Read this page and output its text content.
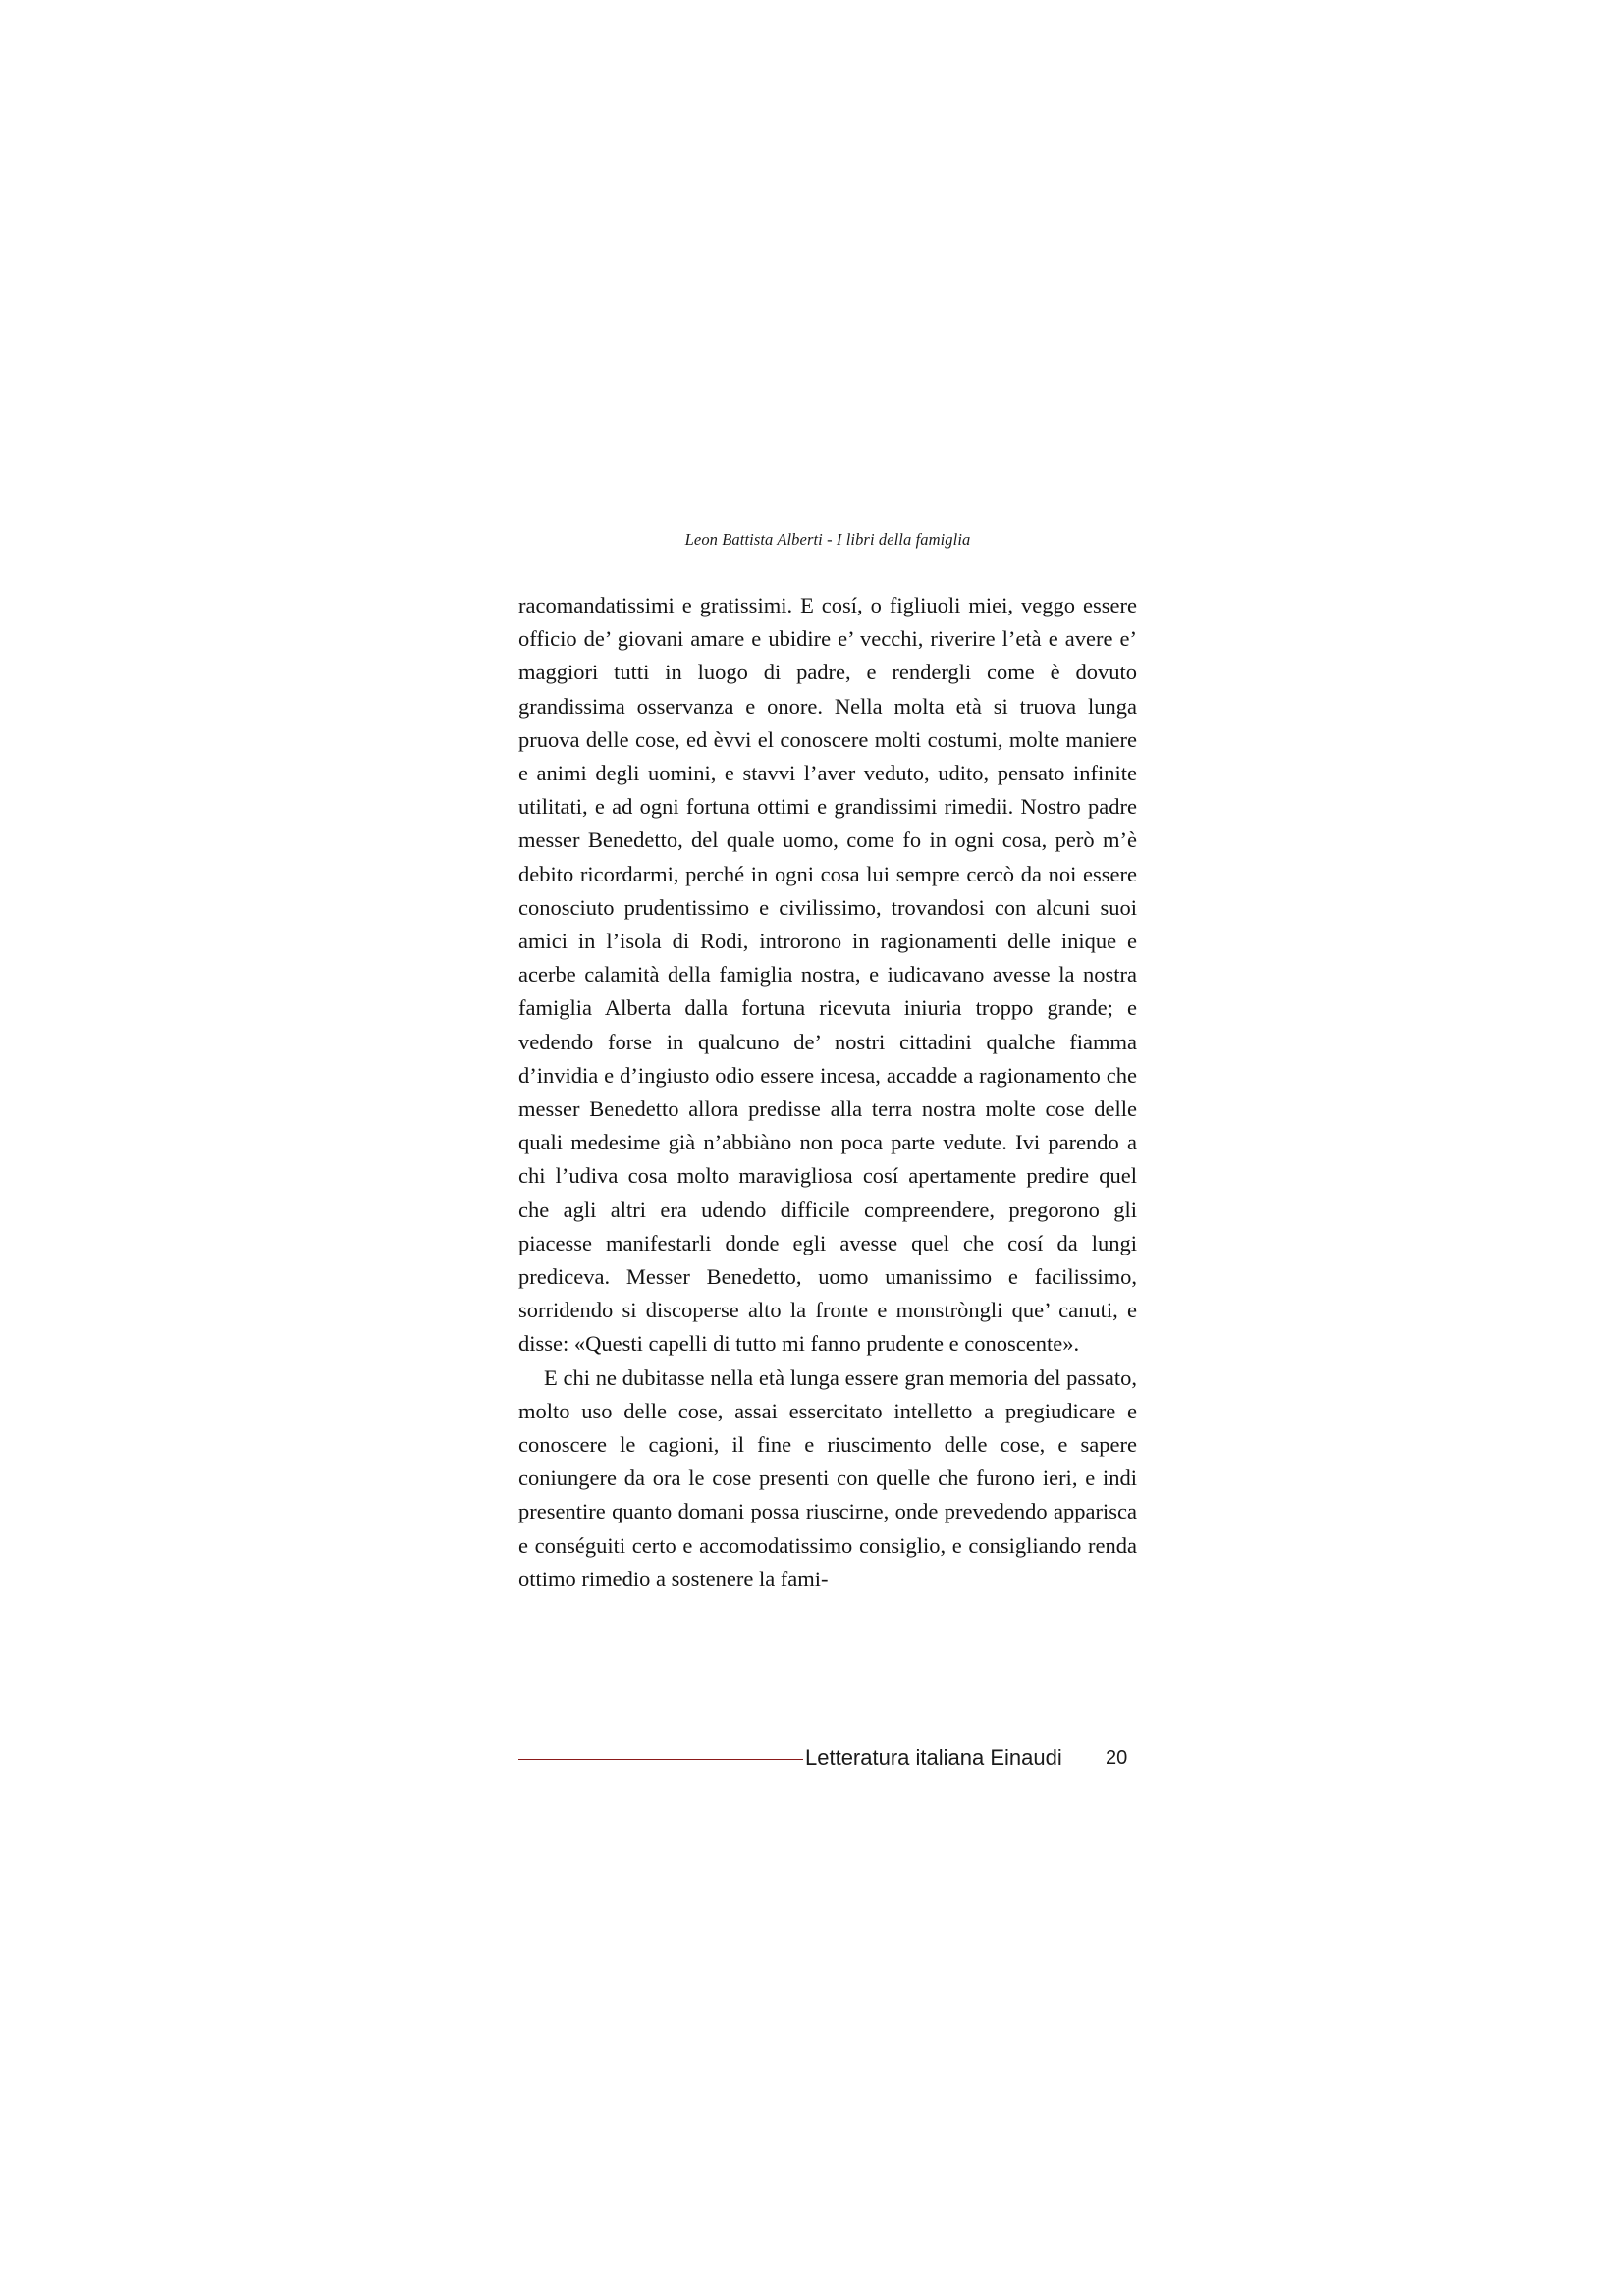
Leon Battista Alberti - I libri della famiglia

racomandatissimi e gratissimi. E cosí, o figliuoli miei, veggo essere officio de’ giovani amare e ubidire e’ vecchi, riverire l’età e avere e’ maggiori tutti in luogo di padre, e rendergli come è dovuto grandissima osservanza e onore. Nella molta età si truova lunga pruova delle cose, ed èvvi el conoscere molti costumi, molte maniere e animi degli uomini, e stavvi l’aver veduto, udito, pensato infinite utilitati, e ad ogni fortuna ottimi e grandissimi rimedii. Nostro padre messer Benedetto, del quale uomo, come fo in ogni cosa, però m’è debito ricordarmi, perché in ogni cosa lui sempre cercò da noi essere conosciuto prudentissimo e civilissimo, trovandosi con alcuni suoi amici in l’isola di Rodi, introrono in ragionamenti delle inique e acerbe calamità della famiglia nostra, e iudicavano avesse la nostra famiglia Alberta dalla fortuna ricevuta iniuria troppo grande; e vedendo forse in qualcuno de’ nostri cittadini qualche fiamma d’invidia e d’ingiusto odio essere incesa, accadde a ragionamento che messer Benedetto allora predisse alla terra nostra molte cose delle quali medesime già n’abbiàno non poca parte vedute. Ivi parendo a chi l’udiva cosa molto maravigliosa cosí apertamente predire quel che agli altri era udendo difficile compreendere, pregorono gli piacesse manifestarli donde egli avesse quel che cosí da lungi prediceva. Messer Benedetto, uomo umanissimo e facilissimo, sorridendo si discoperse alto la fronte e monstròngli que’ canuti, e disse: «Questi capelli di tutto mi fanno prudente e conoscente».

E chi ne dubitasse nella età lunga essere gran memoria del passato, molto uso delle cose, assai essercitato intelletto a pregiudicare e conoscere le cagioni, il fine e riuscimento delle cose, e sapere coniungere da ora le cose presenti con quelle che furono ieri, e indi presentire quanto domani possa riuscirne, onde prevedendo apparisca e conséguiti certo e accomodatissimo consiglio, e consigliando renda ottimo rimedio a sostenere la fami-

Letteratura italiana Einaudi 20
